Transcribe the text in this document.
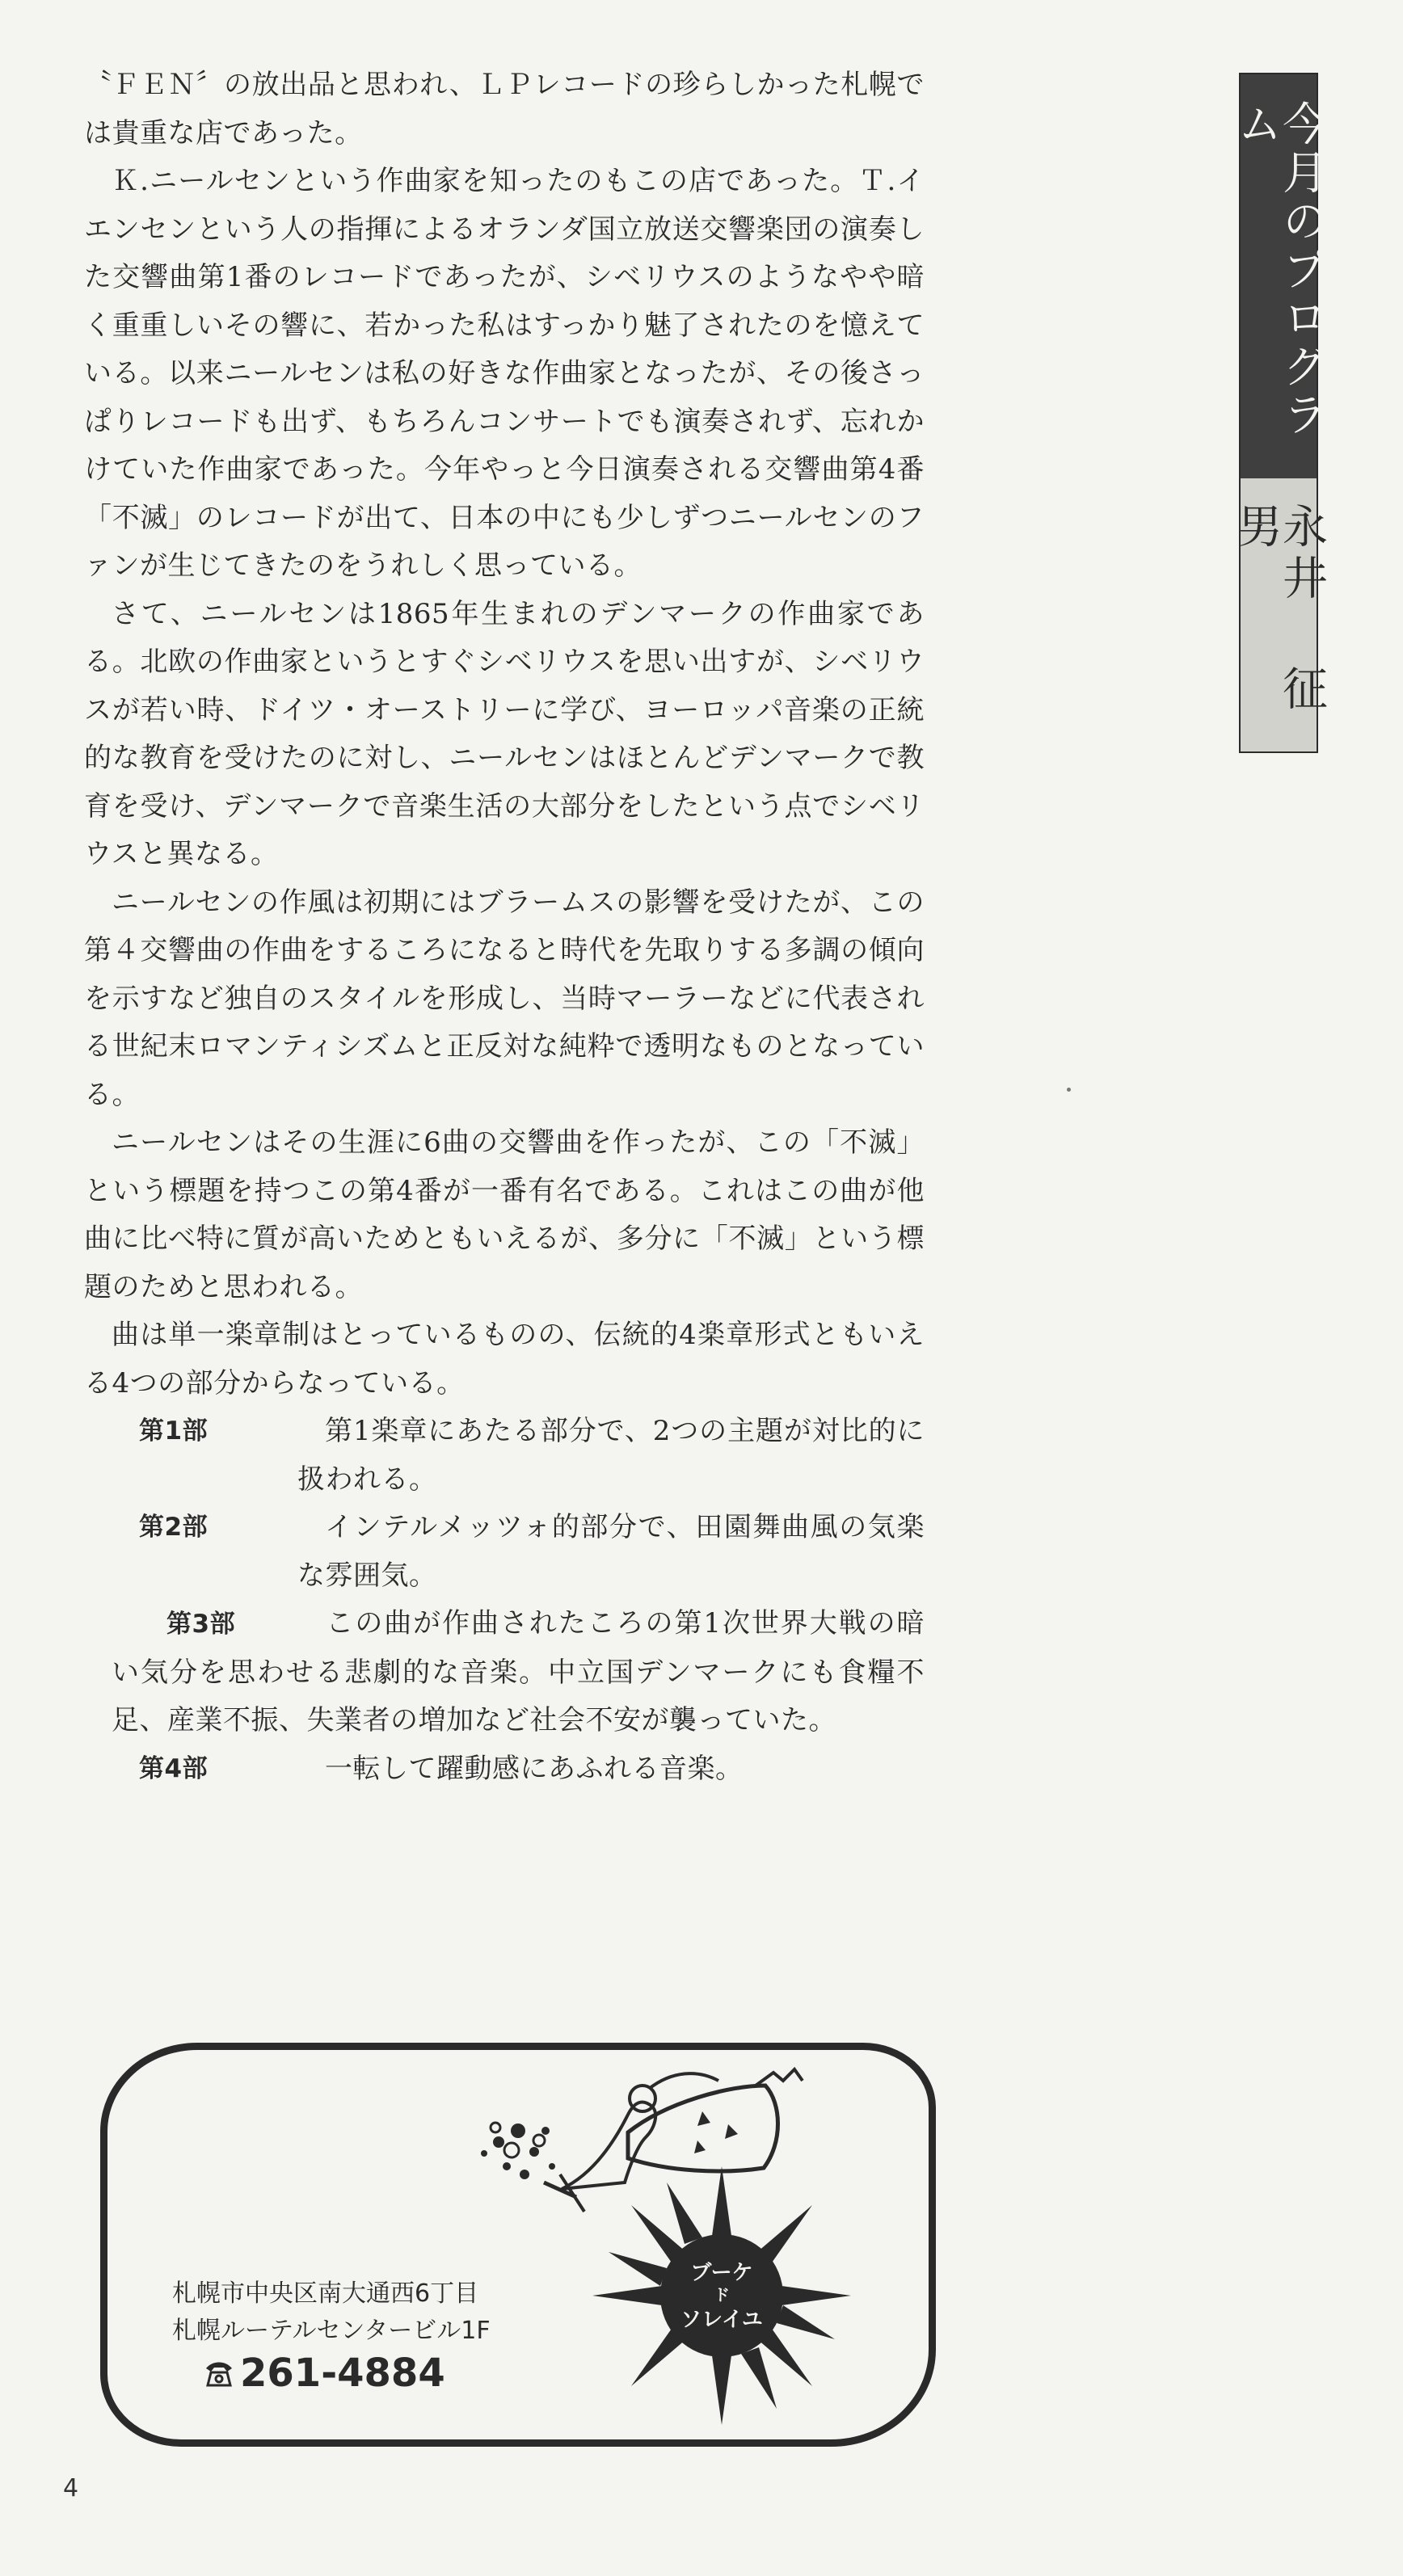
今月のプログラム
永井 征男

〝ＦＥＮ〞の放出品と思われ、ＬＰレコードの珍らしかった札幌では貴重な店であった。

Ｋ.ニールセンという作曲家を知ったのもこの店であった。Ｔ.イエンセンという人の指揮によるオランダ国立放送交響楽団の演奏した交響曲第1番のレコードであったが、シベリウスのようなやや暗く重重しいその響に、若かった私はすっかり魅了されたのを憶えている。以来ニールセンは私の好きな作曲家となったが、その後さっぱりレコードも出ず、もちろんコンサートでも演奏されず、忘れかけていた作曲家であった。今年やっと今日演奏される交響曲第4番「不滅」のレコードが出て、日本の中にも少しずつニールセンのファンが生じてきたのをうれしく思っている。

さて、ニールセンは1865年生まれのデンマークの作曲家である。北欧の作曲家というとすぐシベリウスを思い出すが、シベリウスが若い時、ドイツ・オーストリーに学び、ヨーロッパ音楽の正統的な教育を受けたのに対し、ニールセンはほとんどデンマークで教育を受け、デンマークで音楽生活の大部分をしたという点でシベリウスと異なる。

ニールセンの作風は初期にはブラームスの影響を受けたが、この第４交響曲の作曲をするころになると時代を先取りする多調の傾向を示すなど独自のスタイルを形成し、当時マーラーなどに代表される世紀末ロマンティシズムと正反対な純粋で透明なものとなっている。

ニールセンはその生涯に6曲の交響曲を作ったが、この「不滅」という標題を持つこの第4番が一番有名である。これはこの曲が他曲に比べ特に質が高いためともいえるが、多分に「不滅」という標題のためと思われる。

曲は単一楽章制はとっているものの、伝統的4楽章形式ともいえる4つの部分からなっている。

第1部	第1楽章にあたる部分で、2つの主題が対比的に扱われる。

第2部	インテルメッツォ的部分で、田園舞曲風の気楽な雰囲気。

第3部	この曲が作曲されたころの第1次世界大戦の暗い気分を思わせる悲劇的な音楽。中立国デンマークにも食糧不足、産業不振、失業者の増加など社会不安が襲っていた。

第4部	一転して躍動感にあふれる音楽。

ブーケ
ド
ソレイユ
札幌市中央区南大通西6丁目
札幌ルーテルセンタービル1F
261-4884
4
